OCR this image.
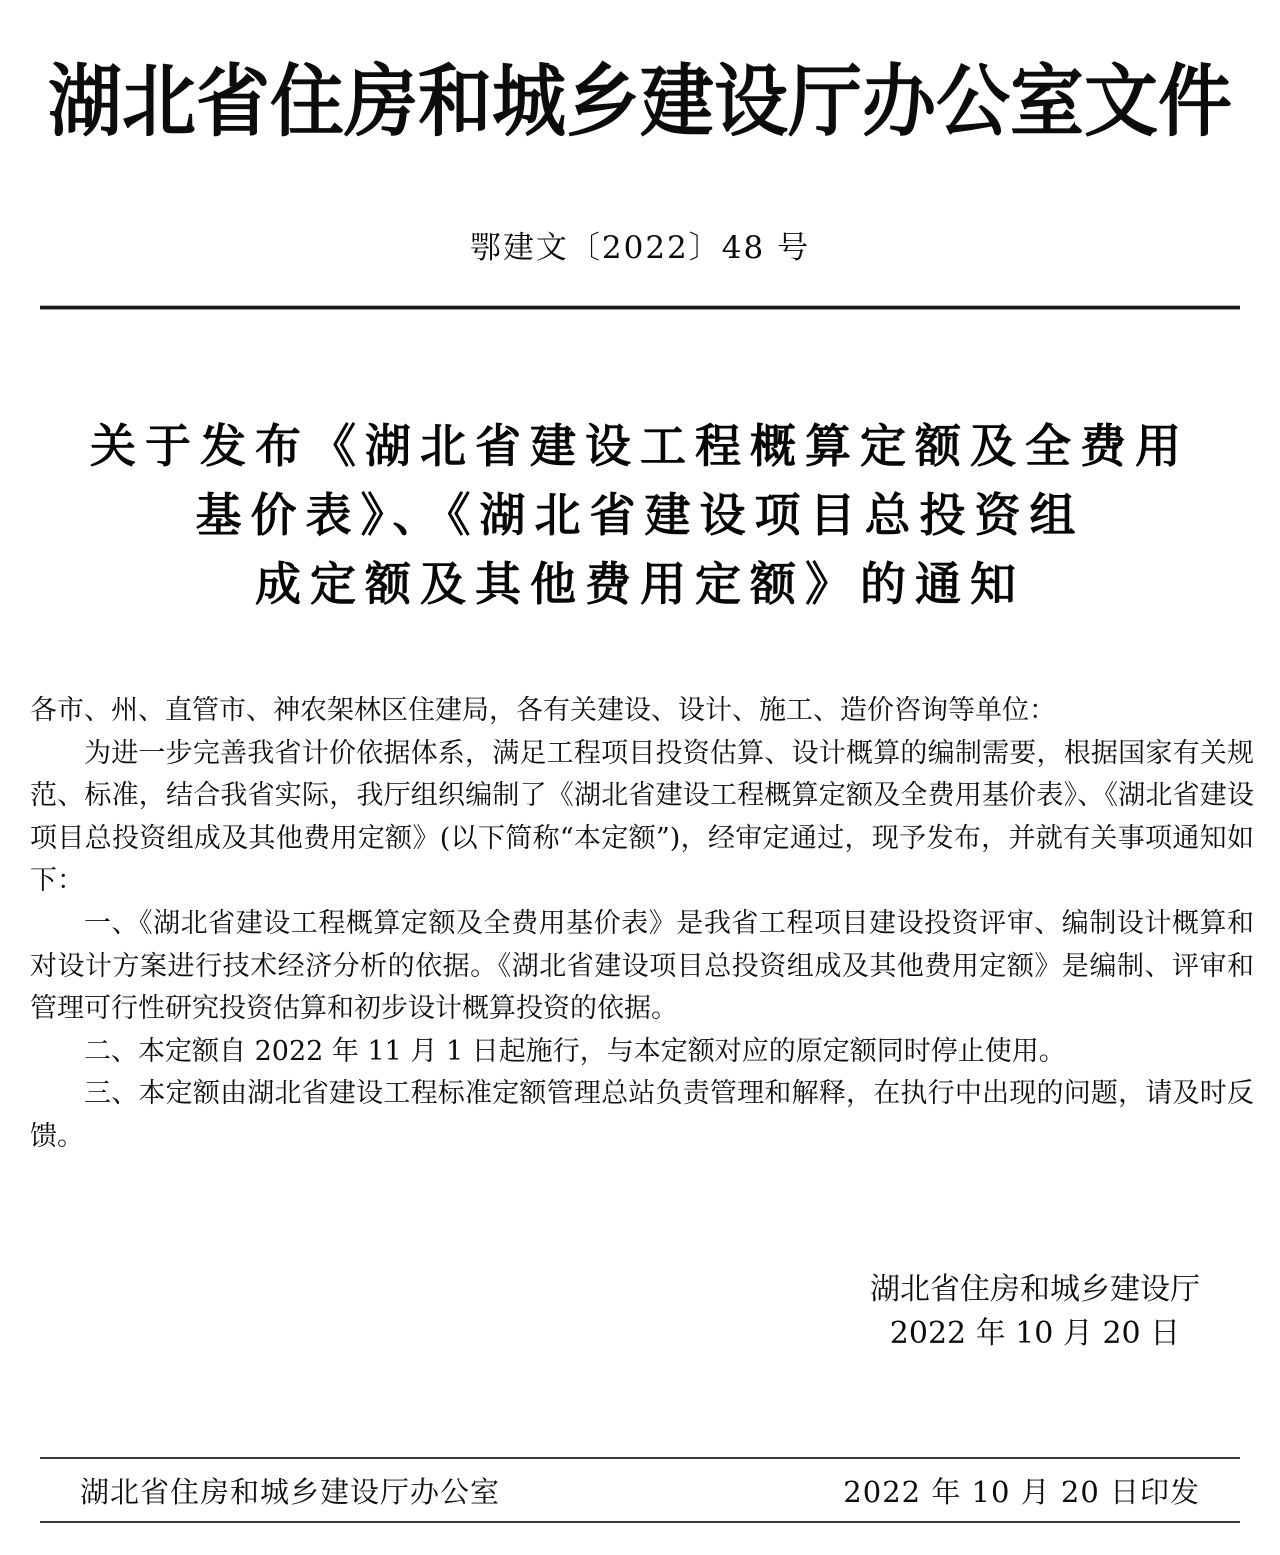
湖北省住房和城乡建设厅办公室文件
鄂建文〔2022〕48 号
关于发布《湖北省建设工程概算定额及全费用
基价表》、《湖北省建设项目总投资组
成定额及其他费用定额》的通知

各市、州、直管市、神农架林区住建局，各有关建设、设计、施工、造价咨询等单位：

为进一步完善我省计价依据体系，满足工程项目投资估算、设计概算的编制需要，根据国家有关规范、标准，结合我省实际，我厅组织编制了《湖北省建设工程概算定额及全费用基价表》、《湖北省建设项目总投资组成及其他费用定额》(以下简称“本定额”)，经审定通过，现予发布，并就有关事项通知如下：

一、《湖北省建设工程概算定额及全费用基价表》是我省工程项目建设投资评审、编制设计概算和对设计方案进行技术经济分析的依据。《湖北省建设项目总投资组成及其他费用定额》是编制、评审和管理可行性研究投资估算和初步设计概算投资的依据。

二、本定额自 2022 年 11 月 1 日起施行，与本定额对应的原定额同时停止使用。

三、本定额由湖北省建设工程标准定额管理总站负责管理和解释，在执行中出现的问题，请及时反馈。

湖北省住房和城乡建设厅
2022 年 10 月 20 日
湖北省住房和城乡建设厅办公室	2022 年 10 月 20 日印发
